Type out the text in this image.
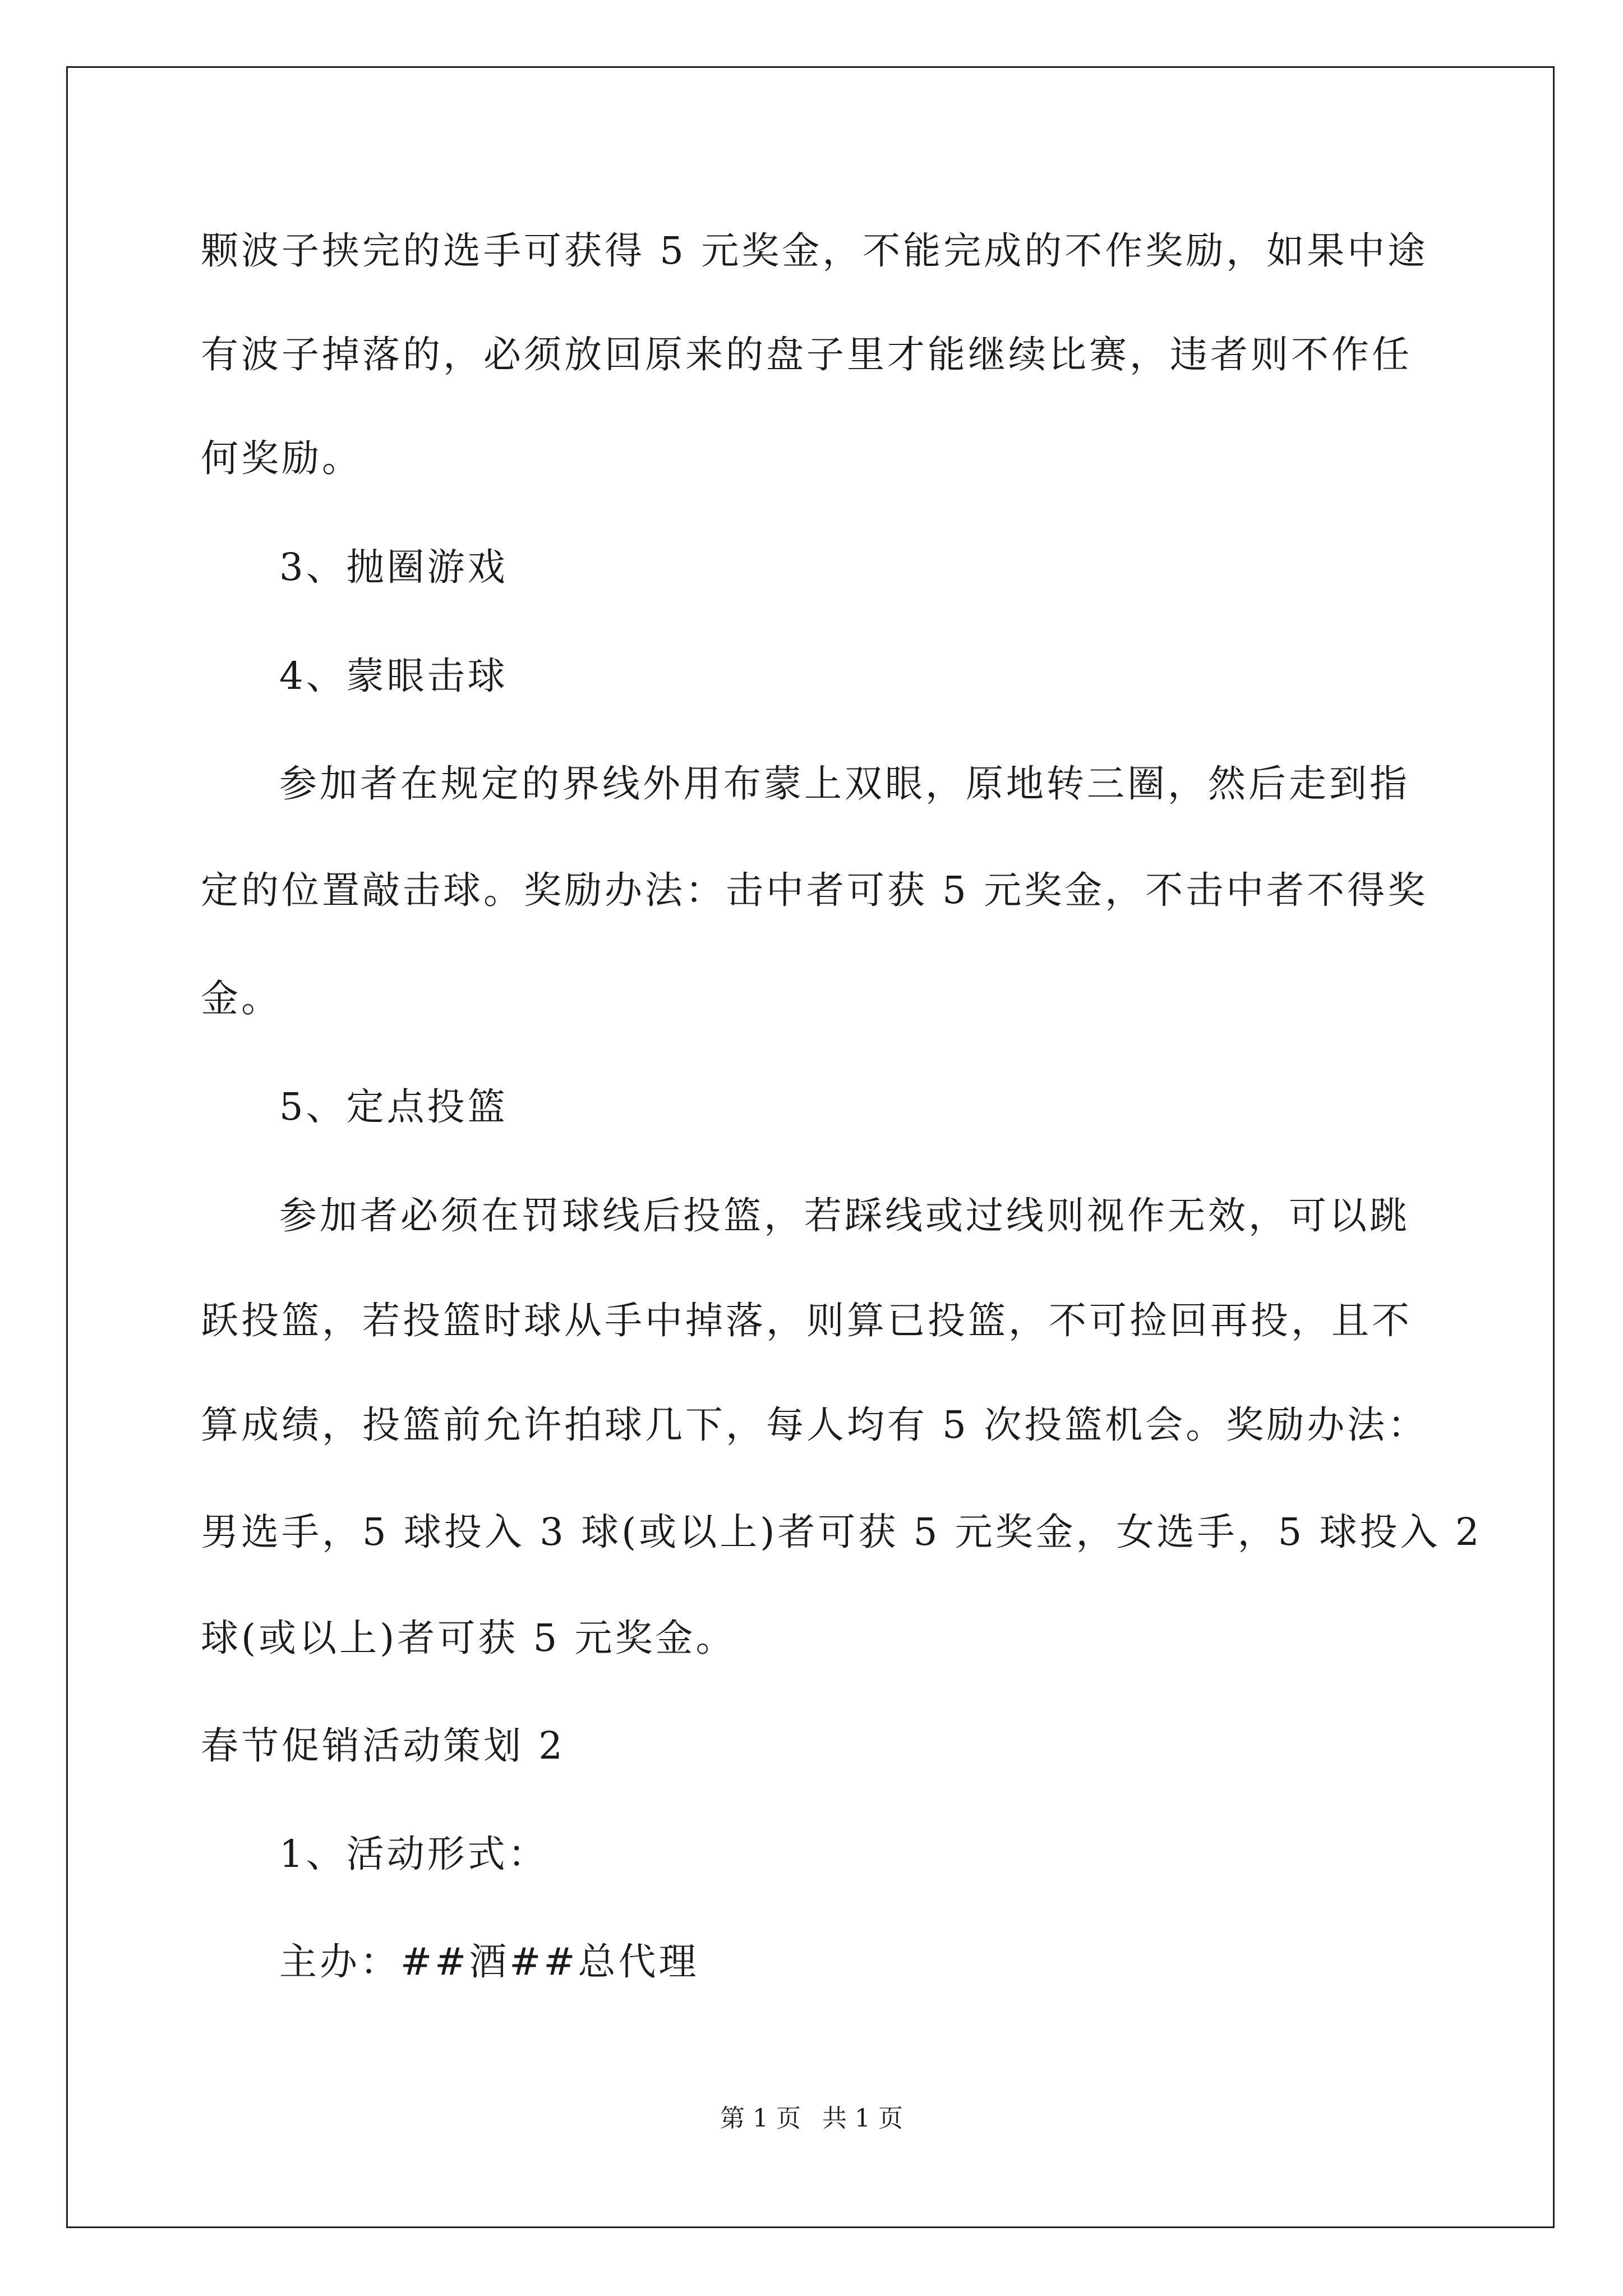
颗波子挟完的选手可获得 5 元奖金，不能完成的不作奖励，如果中途
有波子掉落的，必须放回原来的盘子里才能继续比赛，违者则不作任
何奖励。
3、抛圈游戏
4、蒙眼击球
参加者在规定的界线外用布蒙上双眼，原地转三圈，然后走到指
定的位置敲击球。奖励办法：击中者可获 5 元奖金，不击中者不得奖
金。
5、定点投篮
参加者必须在罚球线后投篮，若踩线或过线则视作无效，可以跳
跃投篮，若投篮时球从手中掉落，则算已投篮，不可捡回再投，且不
算成绩，投篮前允许拍球几下，每人均有 5 次投篮机会。奖励办法：
男选手，5 球投入 3 球(或以上)者可获 5 元奖金，女选手，5 球投入 2
球(或以上)者可获 5 元奖金。
春节促销活动策划 2
1、活动形式：
主办：##酒##总代理
第 1 页 共 1 页
